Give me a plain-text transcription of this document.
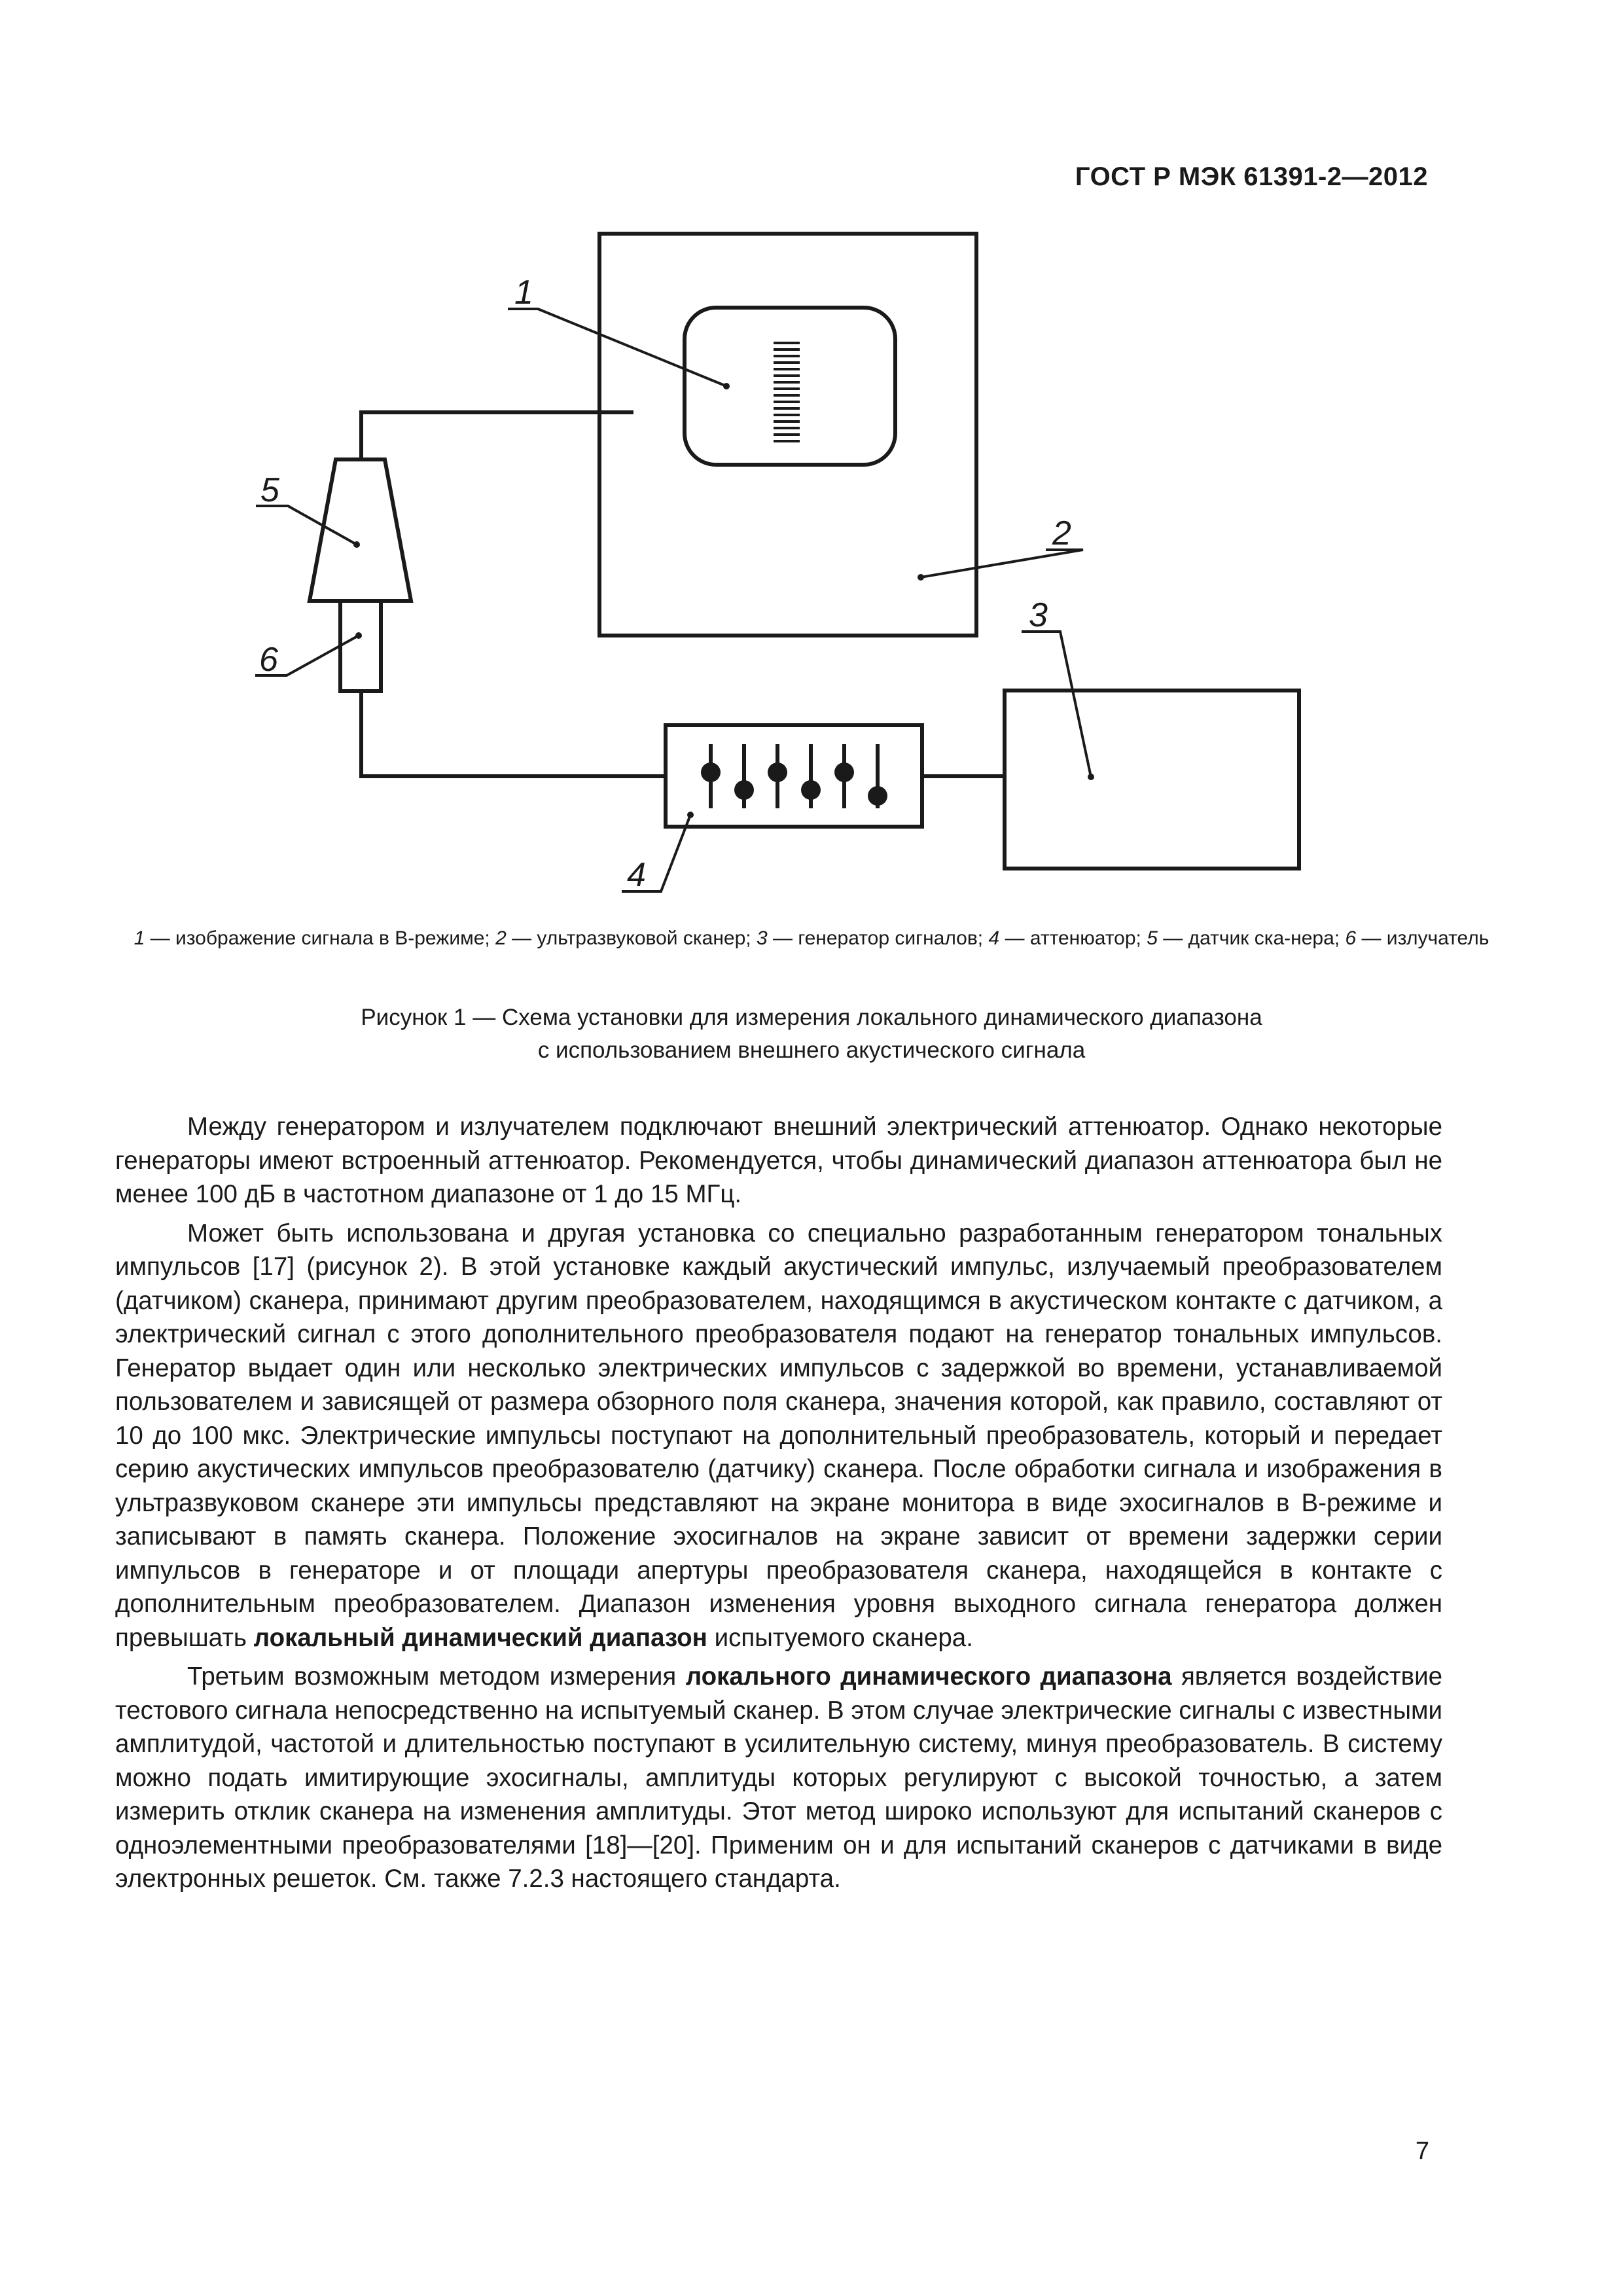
ГОСТ Р МЭК 61391-2—2012
1
2
3
4
5
6
1 — изображение сигнала в B-режиме; 2 — ультразвуковой сканер; 3 — генератор сигналов; 4 — аттенюатор; 5 — датчик ска-нера; 6 — излучатель
Рисунок 1 — Схема установки для измерения локального динамического диапазона
с использованием внешнего акустического сигнала

Между генератором и излучателем подключают внешний электрический аттенюатор. Однако некоторые генераторы имеют встроенный аттенюатор. Рекомендуется, чтобы динамический диапазон аттенюатора был не менее 100 дБ в частотном диапазоне от 1 до 15 МГц.

Может быть использована и другая установка со специально разработанным генератором тональных импульсов [17] (рисунок 2). В этой установке каждый акустический импульс, излучаемый преобразователем (датчиком) сканера, принимают другим преобразователем, находящимся в акустическом контакте с датчиком, а электрический сигнал с этого дополнительного преобразователя подают на генератор тональных импульсов. Генератор выдает один или несколько электрических импульсов с задержкой во времени, устанавливаемой пользователем и зависящей от размера обзорного поля сканера, значения которой, как правило, составляют от 10 до 100 мкс. Электрические импульсы поступают на дополнительный преобразователь, который и передает серию акустических импульсов преобразователю (датчику) сканера. После обработки сигнала и изображения в ультразвуковом сканере эти импульсы представляют на экране монитора в виде эхосигналов в B-режиме и записывают в память сканера. Положение эхосигналов на экране зависит от времени задержки серии импульсов в генераторе и от площади апертуры преобразователя сканера, находящейся в контакте с дополнительным преобразователем. Диапазон изменения уровня выходного сигнала генератора должен превышать локальный динамический диапазон испытуемого сканера.

Третьим возможным методом измерения локального динамического диапазона является воздействие тестового сигнала непосредственно на испытуемый сканер. В этом случае электрические сигналы с известными амплитудой, частотой и длительностью поступают в усилительную систему, минуя преобразователь. В систему можно подать имитирующие эхосигналы, амплитуды которых регулируют с высокой точностью, а затем измерить отклик сканера на изменения амплитуды. Этот метод широко используют для испытаний сканеров с одноэлементными преобразователями [18]—[20]. Применим он и для испытаний сканеров с датчиками в виде электронных решеток. См. также 7.2.3 настоящего стандарта.

7
